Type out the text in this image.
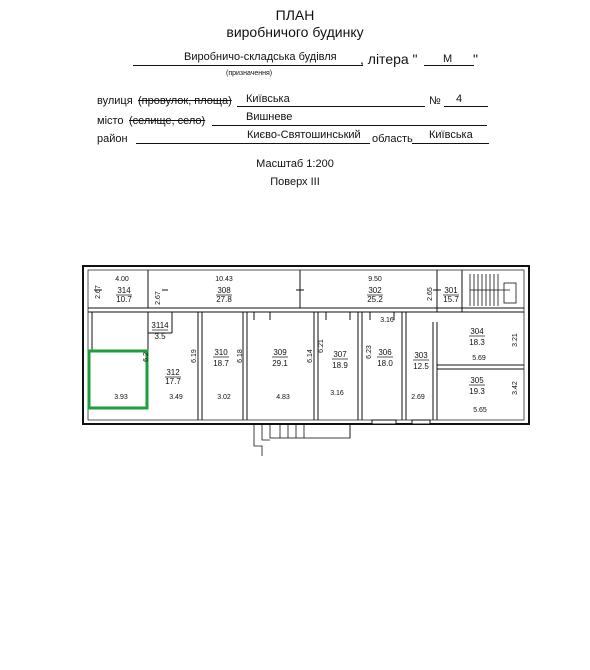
ПЛАН
виробничого будинку
Виробничо-складська будівля
(призначення)
, літера " М "
вулиця (провулок, площа) Київська	№ 4
місто (селище, село)	Вишневе
район	Києво-Святошинський область Київська
Масштаб 1:200
Поверх III
314
10.7
308
27.8
302
25.2
301
15.7
3114
3.5
312
17.7
310
18.7
309
29.1
307
18.9
306
18.0
303
12.5
304
18.3
305
19.3
4.00	10.43	9.50
2.67	2.67	2.65
3.16
6.2	6.19	6.18
6.21
6.14	6.23
3.21
3.42
3.93	3.49	3.02	4.83
3.16
2.69
5.69
5.65
